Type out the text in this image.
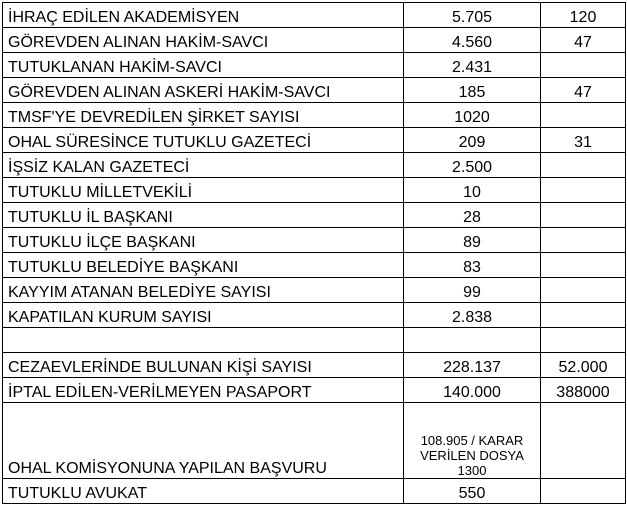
İHRAÇ EDİLEN AKADEMİSYEN	5.705	120
GÖREVDEN ALINAN HAKİM-SAVCI	4.560	47
TUTUKLANAN HAKİM-SAVCI	2.431	
GÖREVDEN ALINAN ASKERİ HAKİM-SAVCI	185	47
TMSF'YE DEVREDİLEN ŞİRKET SAYISI	1020	
OHAL SÜRESİNCE TUTUKLU GAZETECİ	209	31
İŞSİZ KALAN GAZETECİ	2.500	
TUTUKLU MİLLETVEKİLİ	10	
TUTUKLU İL BAŞKANI	28	
TUTUKLU İLÇE BAŞKANI	89	
TUTUKLU BELEDİYE BAŞKANI	83	
KAYYIM ATANAN BELEDİYE SAYISI	99	
KAPATILAN KURUM SAYISI	2.838	

CEZAEVLERİNDE BULUNAN KİŞİ SAYISI	228.137	52.000
İPTAL EDİLEN-VERİLMEYEN PASAPORT	140.000	388000
OHAL KOMİSYONUNA YAPILAN BAŞVURU	108.905 / KARAR VERİLEN DOSYA 1300	
TUTUKLU AVUKAT	550	
